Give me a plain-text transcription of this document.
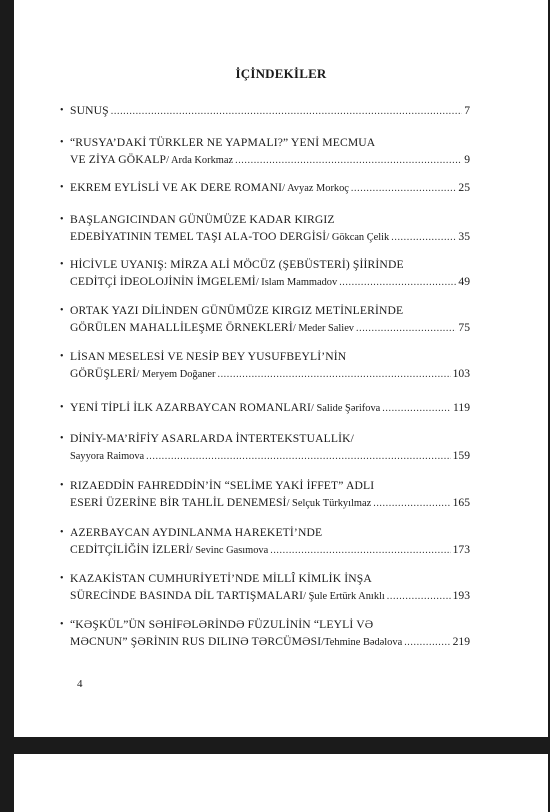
İÇİNDEKİLER
• SUNUŞ .....	7
• “RUSYA’DAKİ TÜRKLER NE YAPMALI?” YENİ MECMUA
VE ZİYA GÖKALP / Arda Korkmaz .....	9
• EKREM EYLİSLİ VE AK DERE ROMANI / Avyaz Morkoç .....	25
• BAŞLANGICINDAN GÜNÜMÜZE KADAR KIRGIZ
EDEBİYATININ TEMEL TAŞI ALA-TOO DERGİSİ / Gökcan Çelik .....	35
• HİCİVLE UYANIŞ: MİRZA ALİ MÖCÜZ (ŞEBÜSTERİ) ŞİİRİNDE
CEDİTÇİ İDEOLOJİNİN İMGELEMİ / Islam Mammadov .....	49
• ORTAK YAZI DİLİNDEN GÜNÜMÜZE KIRGIZ METİNLERİNDE
GÖRÜLEN MAHALLİLEŞME ÖRNEKLERİ / Meder Saliev .....	75
• LİSAN MESELESİ VE NESİP BEY YUSUFBEYLİ’NİN
GÖRÜŞLERİ / Meryem Doğaner .....	103
• YENİ TİPLİ İLK AZARBAYCAN ROMANLARI / Salide Şərifova .....	119
• DİNİY-MA’RİFİY ASARLARDA İNTERTEKSTUALLİK/
Sayyora Raimova .....	159
• RIZAEDDİN FAHREDDİN’İN “SELİME YAKİ İFFET” ADLI
ESERİ ÜZERİNE BİR TAHLİL DENEMESİ / Selçuk Türkyılmaz .....	165
• AZERBAYCAN AYDINLANMA HAREKETİ’NDE
CEDİTÇİLİĞİN İZLERİ / Sevinc Gasımova .....	173
• KAZAKİSTAN CUMHURİYETİ’NDE MİLLÎ KİMLİK İNŞA
SÜRECİNDE BASINDA DİL TARTIŞMALARI / Şule Ertürk Anıklı .....	193
• “KƏŞKÜL”ÜN SƏHİFƏLƏRİNDƏ FÜZULİNİN “LEYLİ VƏ
MƏCNUN” ŞƏRİNIN RUS DILINƏ TƏRCÜMƏSI /Tehmine Bədəlova .....	219
4
